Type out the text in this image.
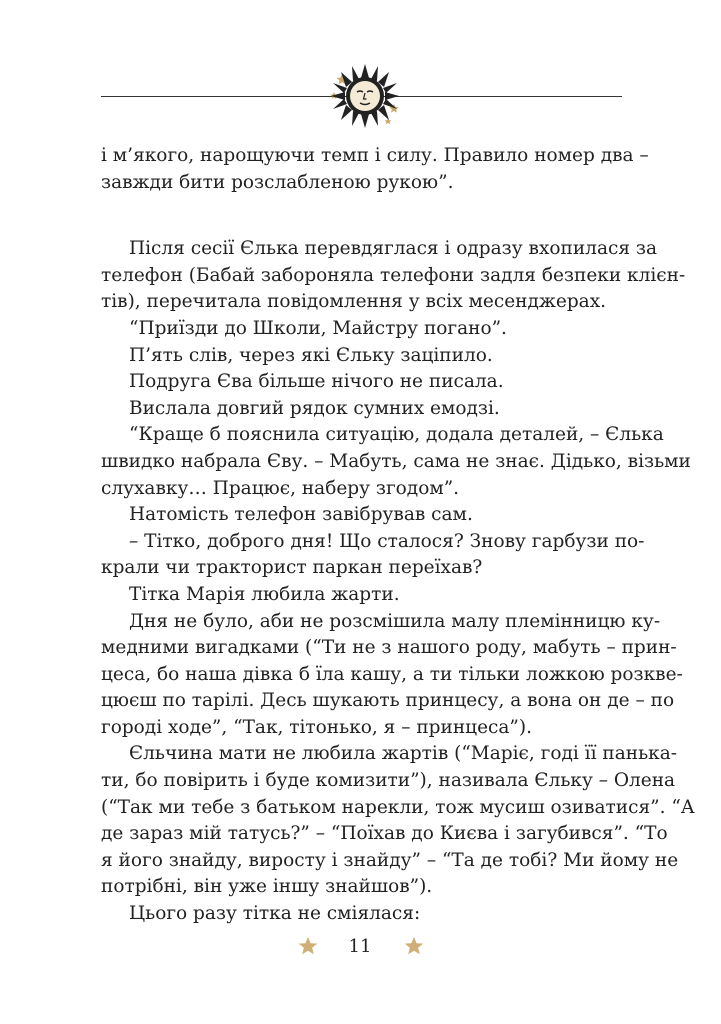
і м’якого, нарощуючи темп і силу. Правило номер два –
завжди бити розслабленою рукою”.
Після сесії Єлька перевдяглася і одразу вхопилася за
телефон (Бабай забороняла телефони задля безпеки клієн-
тів), перечитала повідомлення у всіх месенджерах.
“Приїзди до Школи, Майстру погано”.
П’ять слів, через які Єльку заціпило.
Подруга Єва більше нічого не писала.
Вислала довгий рядок сумних емодзі.
“Краще б пояснила ситуацію, додала деталей, – Єлька
швидко набрала Єву. – Мабуть, сама не знає. Дідько, візьми
слухавку… Працює, наберу згодом”.
Натомість телефон завібрував сам.
– Тітко, доброго дня! Що сталося? Знову гарбузи по-
крали чи тракторист паркан переїхав?
Тітка Марія любила жарти.
Дня не було, аби не розсмішила малу племінницю ку-
медними вигадками (“Ти не з нашого роду, мабуть – прин-
цеса, бо наша дівка б їла кашу, а ти тільки ложкою розкве-
цюєш по тарілі. Десь шукають принцесу, а вона он де – по
городі ходе”, “Так, тітонько, я – принцеса”).
Єльчина мати не любила жартів (“Маріє, годі її панька-
ти, бо повірить і буде комизити”), називала Єльку – Олена
(“Так ми тебе з батьком нарекли, тож мусиш озиватися”. “А
де зараз мій татусь?” – “Поїхав до Києва і загубився”. “То
я його знайду, виросту і знайду” – “Та де тобі? Ми йому не
потрібні, він уже іншу знайшов”).
Цього разу тітка не сміялася:
11
